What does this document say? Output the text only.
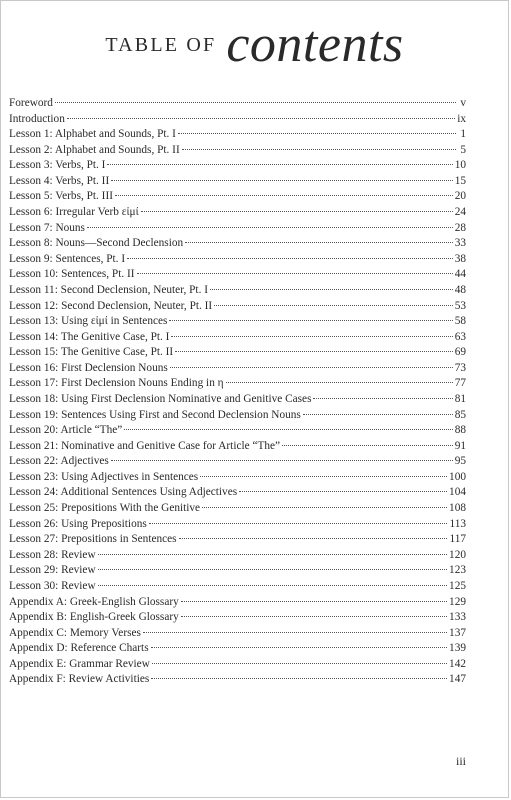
TABLE OF contents
Foreword	v
Introduction	ix
Lesson 1: Alphabet and Sounds, Pt. I	1
Lesson 2: Alphabet and Sounds, Pt. II	5
Lesson 3: Verbs, Pt. I	10
Lesson 4: Verbs, Pt. II	15
Lesson 5: Verbs, Pt. III	20
Lesson 6: Irregular Verb εἰμί	24
Lesson 7: Nouns	28
Lesson 8: Nouns—Second Declension	33
Lesson 9: Sentences, Pt. I	38
Lesson 10: Sentences, Pt. II	44
Lesson 11: Second Declension, Neuter, Pt. I	48
Lesson 12: Second Declension, Neuter, Pt. II	53
Lesson 13: Using εἰμί in Sentences	58
Lesson 14: The Genitive Case, Pt. I	63
Lesson 15: The Genitive Case, Pt. II	69
Lesson 16: First Declension Nouns	73
Lesson 17: First Declension Nouns Ending in η	77
Lesson 18: Using First Declension Nominative and Genitive Cases	81
Lesson 19: Sentences Using First and Second Declension Nouns	85
Lesson 20: Article “The”	88
Lesson 21: Nominative and Genitive Case for Article “The”	91
Lesson 22: Adjectives	95
Lesson 23: Using Adjectives in Sentences	100
Lesson 24: Additional Sentences Using Adjectives	104
Lesson 25: Prepositions With the Genitive	108
Lesson 26: Using Prepositions	113
Lesson 27: Prepositions in Sentences	117
Lesson 28: Review	120
Lesson 29: Review	123
Lesson 30: Review	125
Appendix A: Greek-English Glossary	129
Appendix B: English-Greek Glossary	133
Appendix C: Memory Verses	137
Appendix D: Reference Charts	139
Appendix E: Grammar Review	142
Appendix F: Review Activities	147
iii
